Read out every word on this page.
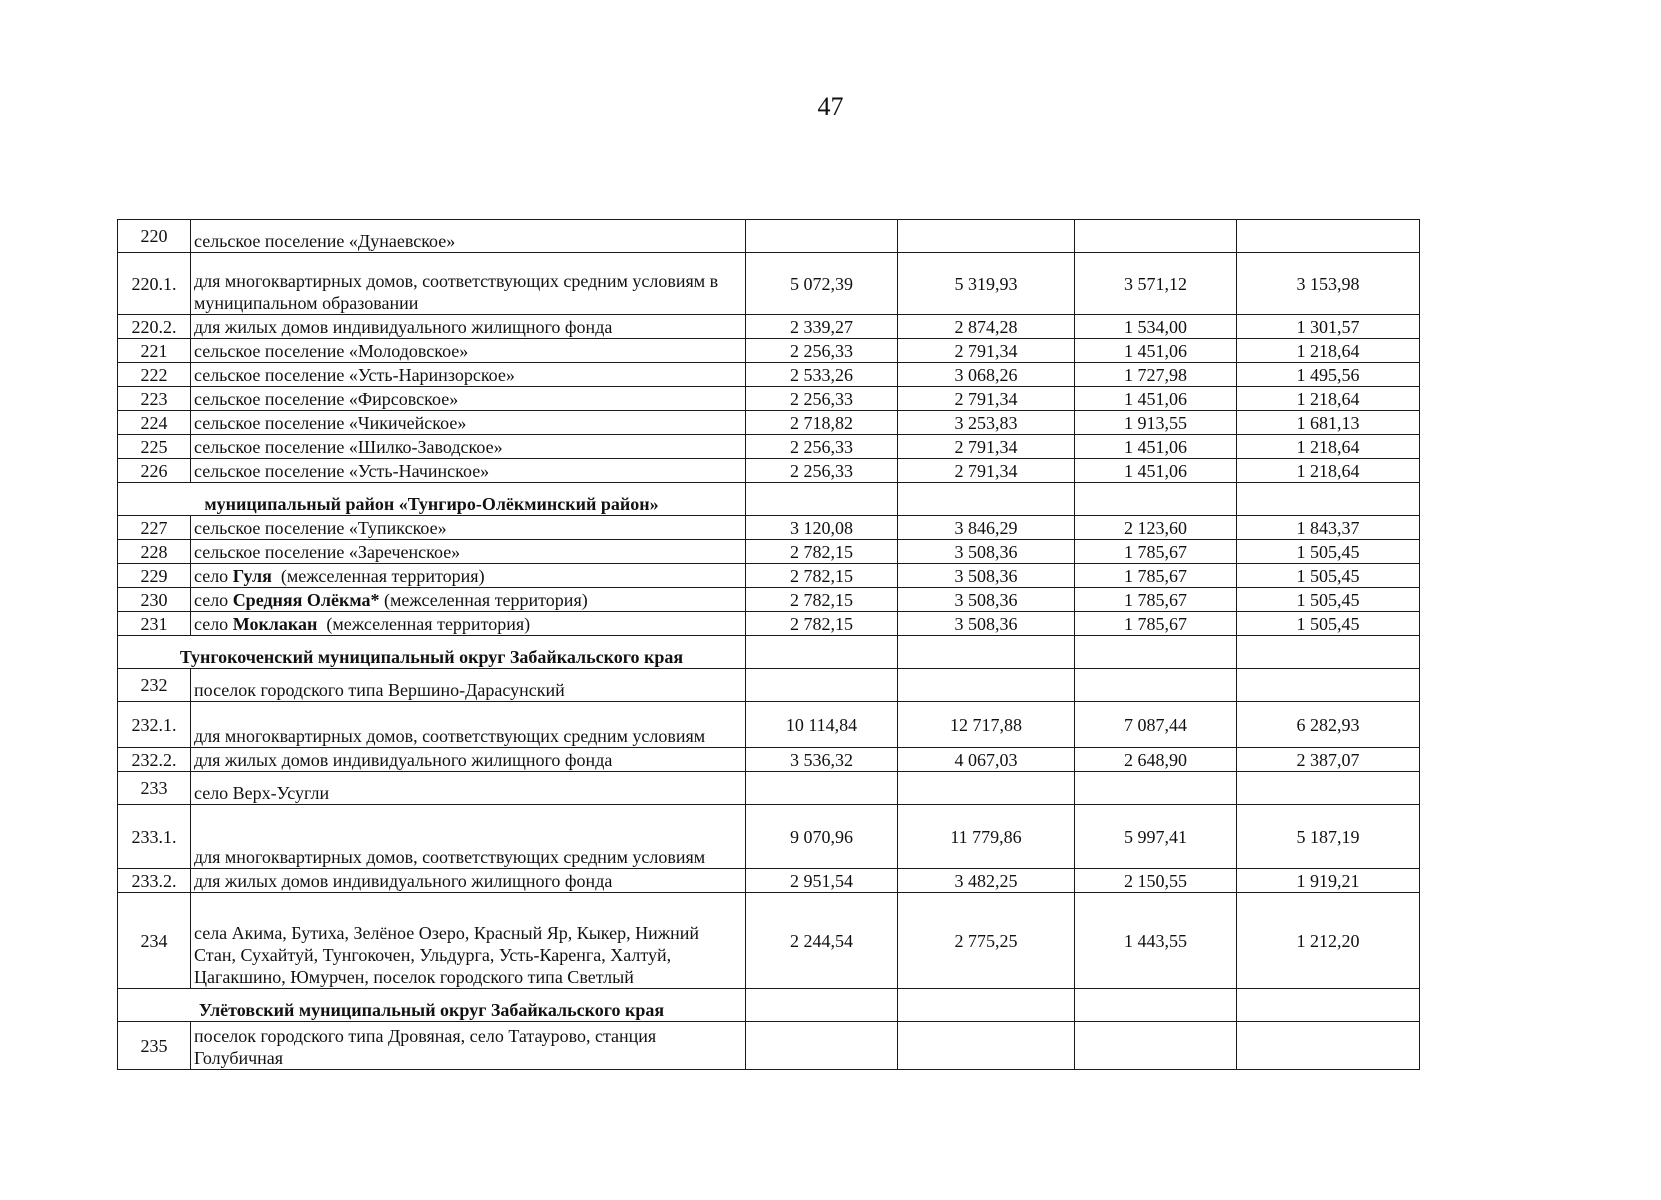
47
220	сельское поселение «Дунаевское»				
220.1.	для многоквартирных домов, соответствующих средним условиям в муниципальном образовании	5 072,39	5 319,93	3 571,12	3 153,98
220.2.	для жилых домов индивидуального жилищного фонда	2 339,27	2 874,28	1 534,00	1 301,57
221	сельское поселение «Молодовское»	2 256,33	2 791,34	1 451,06	1 218,64
222	сельское поселение «Усть-Наринзорское»	2 533,26	3 068,26	1 727,98	1 495,56
223	сельское поселение «Фирсовское»	2 256,33	2 791,34	1 451,06	1 218,64
224	сельское поселение «Чикичейское»	2 718,82	3 253,83	1 913,55	1 681,13
225	сельское поселение «Шилко-Заводское»	2 256,33	2 791,34	1 451,06	1 218,64
226	сельское поселение «Усть-Начинское»	2 256,33	2 791,34	1 451,06	1 218,64
муниципальный район «Тунгиро-Олёкминский район»					
227	сельское поселение «Тупикское»	3 120,08	3 846,29	2 123,60	1 843,37
228	сельское поселение «Зареченское»	2 782,15	3 508,36	1 785,67	1 505,45
229	село Гуля  (межселенная территория)	2 782,15	3 508,36	1 785,67	1 505,45
230	село Средняя Олёкма* (межселенная территория)	2 782,15	3 508,36	1 785,67	1 505,45
231	село Моклакан  (межселенная территория)	2 782,15	3 508,36	1 785,67	1 505,45
Тунгокоченский муниципальный округ Забайкальского края					
232	поселок городского типа Вершино-Дарасунский				
232.1.	для многоквартирных домов, соответствующих средним условиям	10 114,84	12 717,88	7 087,44	6 282,93
232.2.	для жилых домов индивидуального жилищного фонда	3 536,32	4 067,03	2 648,90	2 387,07
233	село Верх-Усугли				
233.1.	для многоквартирных домов, соответствующих средним условиям	9 070,96	11 779,86	5 997,41	5 187,19
233.2.	для жилых домов индивидуального жилищного фонда	2 951,54	3 482,25	2 150,55	1 919,21
234	села Акима, Бутиха, Зелёное Озеро, Красный Яр, Кыкер, Нижний Стан, Сухайтуй, Тунгокочен, Ульдурга, Усть-Каренга, Халтуй, Цагакшино, Юмурчен, поселок городского типа Светлый	2 244,54	2 775,25	1 443,55	1 212,20
Улётовский муниципальный округ Забайкальского края					
235	поселок городского типа Дровяная, село Татаурово, станция Голубичная				
